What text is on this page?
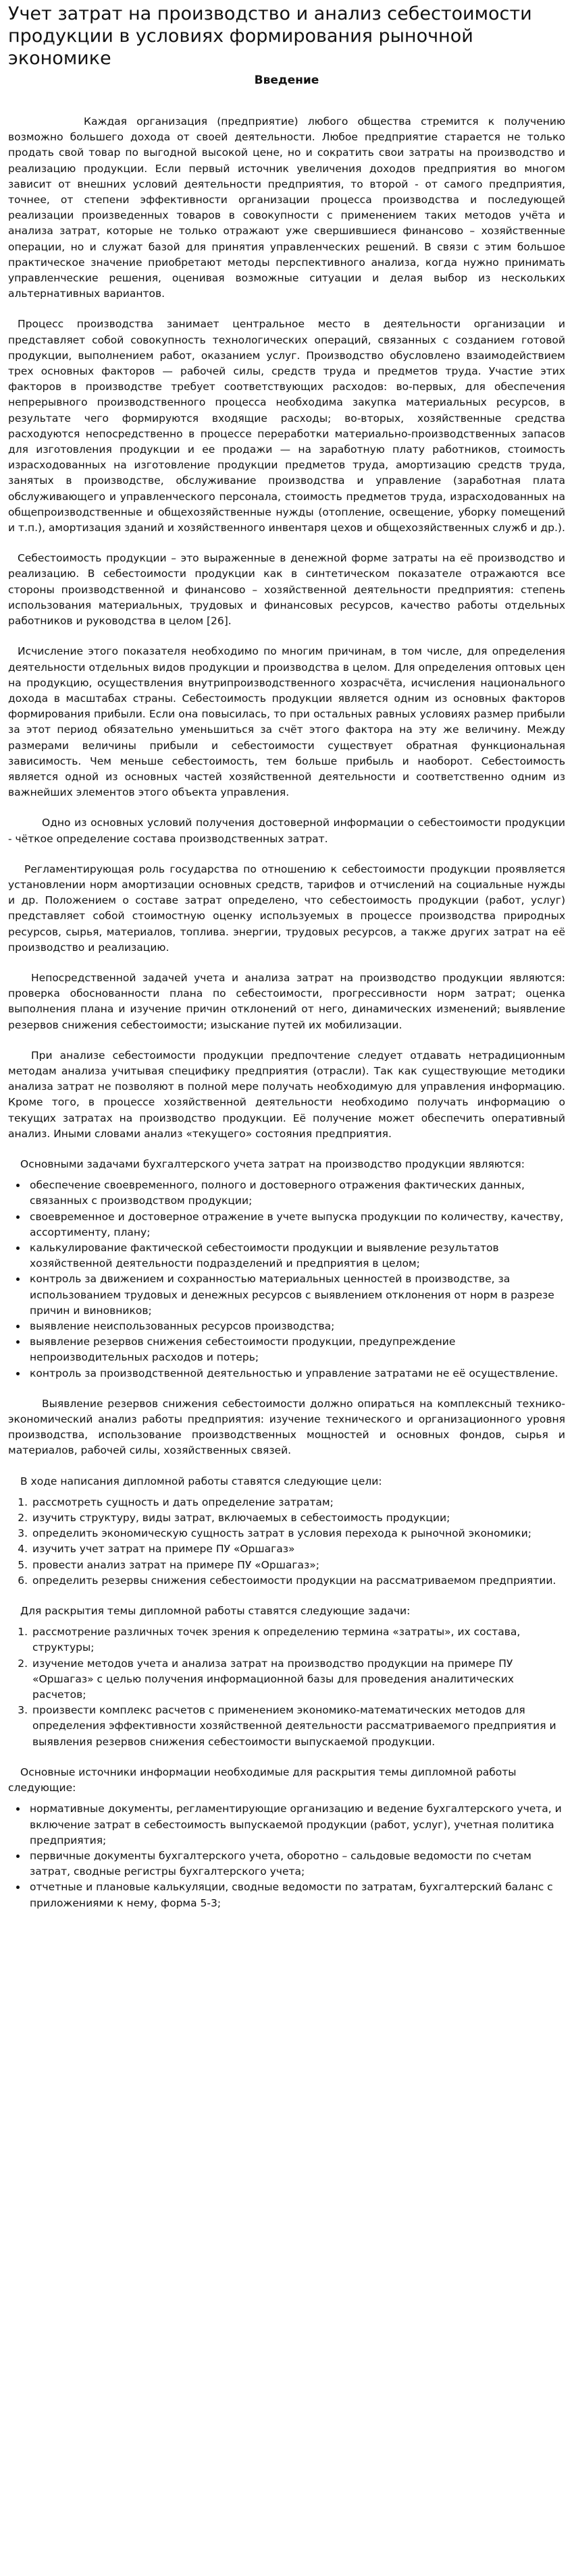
Учет затрат на производство и анализ себестоимости продукции в условиях формирования рыночной экономике
Введение

Каждая организация (предприятие) любого общества стремится к получению возможно большего дохода от своей деятельности. Любое предприятие старается не только продать свой товар по выгодной высокой цене, но и сократить свои затраты на производство и реализацию продукции. Если первый источник увеличения доходов предприятия во многом зависит от внешних условий деятельности предприятия, то второй - от самого предприятия, точнее, от степени эффективности организации процесса производства и последующей реализации произведенных товаров в совокупности с применением таких методов учёта и анализа затрат, которые не только отражают уже свершившиеся финансово – хозяйственные операции, но и служат базой для принятия управленческих решений. В связи с этим большое практическое значение приобретают методы перспективного анализа, когда нужно принимать управленческие решения, оценивая возможные ситуации и делая выбор из нескольких альтернативных вариантов.

Процесс производства занимает центральное место в деятельности организации и представляет собой совокупность технологических операций, связанных с созданием готовой продукции, выполнением работ, оказанием услуг. Производство обусловлено взаимодействием трех основных факторов — рабочей силы, средств труда и предметов труда. Участие этих факторов в производстве требует соответствующих расходов: во-первых, для обеспечения непрерывного производственного процесса необходима закупка материальных ресурсов, в результате чего формируются входящие расходы; во-вторых, хозяйственные средства расходуются непосредственно в процессе переработки материально-производственных запасов для изготовления продукции и ее продажи — на заработную плату работников, стоимость израсходованных на изготовление продукции предметов труда, амортизацию средств труда, занятых в производстве, обслуживание производства и управление (заработная плата обслуживающего и управленческого персонала, стоимость предметов труда, израсходованных на общепроизводственные и общехозяйственные нужды (отопление, освещение, уборку помещений и т.п.), амортизация зданий и хозяйственного инвентаря цехов и общехозяйственных служб и др.).

Себестоимость продукции – это выраженные в денежной форме затраты на её производство и реализацию. В себестоимости продукции как в синтетическом показателе отражаются все стороны производственной и финансово – хозяйственной деятельности предприятия: степень использования материальных, трудовых и финансовых ресурсов, качество работы отдельных работников и руководства в целом [26].

Исчисление этого показателя необходимо по многим причинам, в том числе, для определения деятельности отдельных видов продукции и производства в целом. Для определения оптовых цен на продукцию, осуществления внутрипроизводственного хозрасчёта, исчисления национального дохода в масштабах страны. Себестоимость продукции является одним из основных факторов формирования прибыли. Если она повысилась, то при остальных равных условиях размер прибыли за этот период обязательно уменьшиться за счёт этого фактора на эту же величину. Между размерами величины прибыли и себестоимости существует обратная функциональная зависимость. Чем меньше себестоимость, тем больше прибыль и наоборот. Себестоимость является одной из основных частей хозяйственной деятельности и соответственно одним из важнейших элементов этого объекта управления.

Одно из основных условий получения достоверной информации о себестоимости продукции - чёткое определение состава производственных затрат.

Регламентирующая роль государства по отношению к себестоимости продукции проявляется установлении норм амортизации основных средств, тарифов и отчислений на социальные нужды и др. Положением о составе затрат определено, что себестоимость продукции (работ, услуг) представляет собой стоимостную оценку используемых в процессе производства природных ресурсов, сырья, материалов, топлива. энергии, трудовых ресурсов, а также других затрат на её производство и реализацию.

Непосредственной задачей учета и анализа затрат на производство продукции являются: проверка обоснованности плана по себестоимости, прогрессивности норм затрат; оценка выполнения плана и изучение причин отклонений от него, динамических изменений; выявление резервов снижения себестоимости; изыскание путей их мобилизации.

При анализе себестоимости продукции предпочтение следует отдавать нетрадиционным методам анализа учитывая специфику предприятия (отрасли). Так как существующие методики анализа затрат не позволяют в полной мере получать необходимую для управления информацию. Кроме того, в процессе хозяйственной деятельности необходимо получать информацию о текущих затратах на производство продукции. Её получение может обеспечить оперативный анализ. Иными словами анализ «текущего» состояния предприятия.

Основными задачами бухгалтерского учета затрат на производство продукции являются:

• обеспечение своевременного, полного и достоверного отражения фактических данных, связанных с производством продукции;
• своевременное и достоверное отражение в учете выпуска продукции по количеству, качеству, ассортименту, плану;
• калькулирование фактической себестоимости продукции и выявление результатов хозяйственной деятельности подразделений и предприятия в целом;
• контроль за движением и сохранностью материальных ценностей в производстве, за использованием трудовых и денежных ресурсов с выявлением отклонения от норм в разрезе причин и виновников;
• выявление неиспользованных ресурсов производства;
• выявление резервов снижения себестоимости продукции, предупреждение непроизводительных расходов и потерь;
• контроль за производственной деятельностью и управление затратами не её осуществление.

Выявление резервов снижения себестоимости должно опираться на комплексный технико-экономический анализ работы предприятия: изучение технического и организационного уровня производства, использование производственных мощностей и основных фондов, сырья и материалов, рабочей силы, хозяйственных связей.

В ходе написания дипломной работы ставятся следующие цели:

1. рассмотреть сущность и дать определение затратам;
2. изучить структуру, виды затрат, включаемых в себестоимость продукции;
3. определить экономическую сущность затрат в условия перехода к рыночной экономики;
4. изучить учет затрат на примере ПУ «Оршагаз»
5. провести анализ затрат на примере ПУ «Оршагаз»;
6. определить резервы снижения себестоимости продукции на рассматриваемом предприятии.

Для раскрытия темы дипломной работы ставятся следующие задачи:

1. рассмотрение различных точек зрения к определению термина «затраты», их состава, структуры;
2. изучение методов учета и анализа затрат на производство продукции на примере ПУ «Оршагаз» с целью получения информационной базы для проведения аналитических расчетов;
3. произвести комплекс расчетов с применением экономико-математических методов для определения эффективности хозяйственной деятельности рассматриваемого предприятия и выявления резервов снижения себестоимости выпускаемой продукции.

Основные источники информации необходимые для раскрытия темы дипломной работы следующие:

• нормативные документы, регламентирующие организацию и ведение бухгалтерского учета, и включение затрат в себестоимость выпускаемой продукции (работ, услуг), учетная политика предприятия;
• первичные документы бухгалтерского учета, оборотно – сальдовые ведомости по счетам затрат, сводные регистры бухгалтерского учета;
• отчетные и плановые калькуляции, сводные ведомости по затратам, бухгалтерский баланс с приложениями к нему, форма 5-3;
